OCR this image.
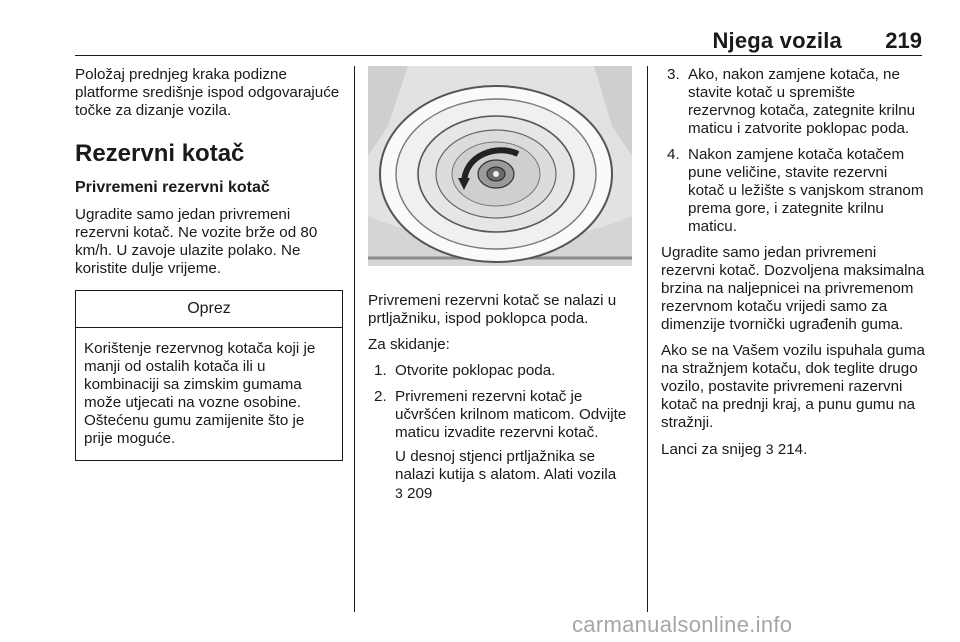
Njega vozila 219

Položaj prednjeg kraka podizne platforme središnje ispod odgovarajuće točke za dizanje vozila.

Rezervni kotač
Privremeni rezervni kotač

Ugradite samo jedan privremeni rezervni kotač. Ne vozite brže od 80 km/h. U zavoje ulazite polako. Ne koristite dulje vrijeme.

Oprez
Korištenje rezervnog kotača koji je manji od ostalih kotača ili u kombinaciji sa zimskim gumama može utjecati na vozne osobine. Oštećenu gumu zamijenite što je prije moguće.

Privremeni rezervni kotač se nalazi u prtljažniku, ispod poklopca poda.

Za skidanje:

1. Otvorite poklopac poda.
2. Privremeni rezervni kotač je učvršćen krilnom maticom. Odvijte maticu izvadite rezervni kotač.
U desnoj stjenci prtljažnika se nalazi kutija s alatom. Alati vozila
3 209
3. Ako, nakon zamjene kotača, ne stavite kotač u spremište rezervnog kotača, zategnite krilnu maticu i zatvorite poklopac poda.
4. Nakon zamjene kotača kotačem pune veličine, stavite rezervni kotač u ležište s vanjskom stranom prema gore, i zategnite krilnu maticu.

Ugradite samo jedan privremeni rezervni kotač. Dozvoljena maksimalna brzina na naljepnicei na privremenom rezervnom kotaču vrijedi samo za dimenzije tvornički ugrađenih guma.

Ako se na Vašem vozilu ispuhala guma na stražnjem kotaču, dok teglite drugo vozilo, postavite privremeni razervni kotač na prednji kraj, a punu gumu na stražnji.

Lanci za snijeg 3 214.

carmanualsonline.info
